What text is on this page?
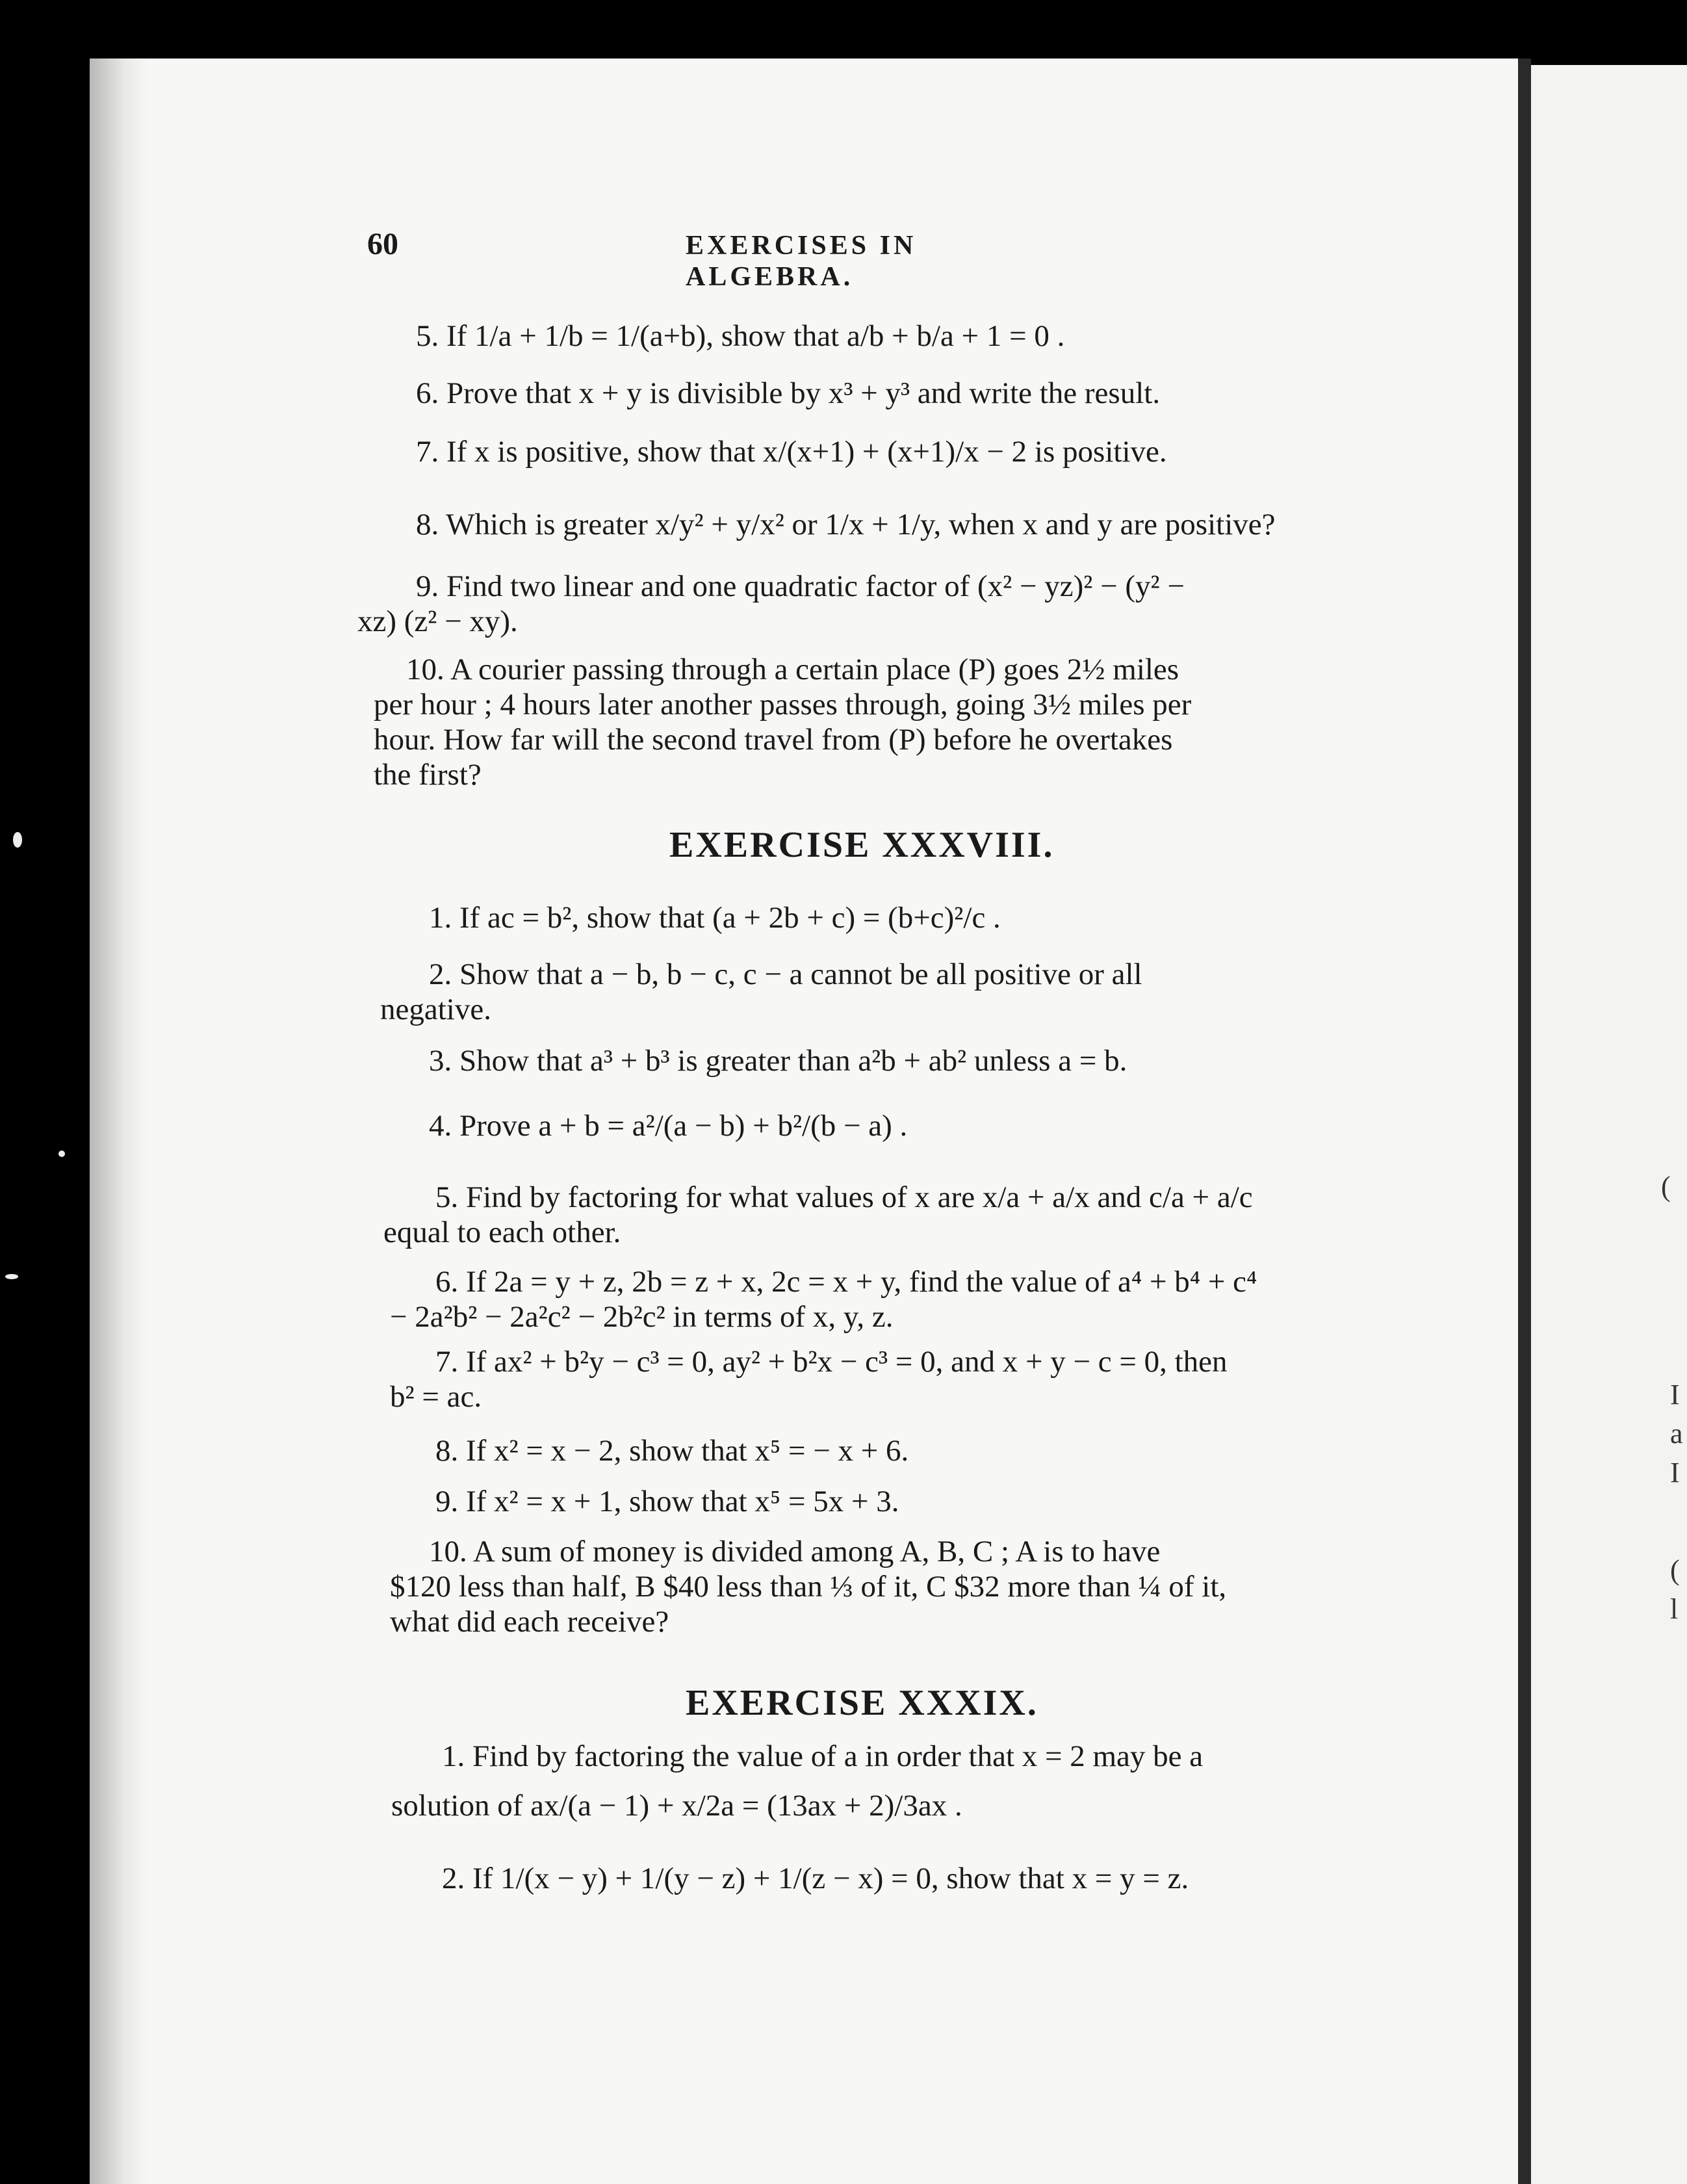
(
I
a
I
(
l
60	EXERCISES IN ALGEBRA.
5. If 1/a + 1/b = 1/(a+b), show that a/b + b/a + 1 = 0 .
6. Prove that x + y is divisible by x³ + y³ and write the result.
7. If x is positive, show that x/(x+1) + (x+1)/x − 2 is positive.
8. Which is greater x/y² + y/x² or 1/x + 1/y, when x and y are positive?
9. Find two linear and one quadratic factor of (x² − yz)² − (y² −
xz) (z² − xy).
10. A courier passing through a certain place (P) goes 2½ miles
per hour ; 4 hours later another passes through, going 3½ miles per
hour. How far will the second travel from (P) before he overtakes
the first?
EXERCISE XXXVIII.
1. If ac = b², show that (a + 2b + c) = (b+c)²/c .
2. Show that a − b, b − c, c − a cannot be all positive or all
negative.
3. Show that a³ + b³ is greater than a²b + ab² unless a = b.
4. Prove a + b = a²/(a − b) + b²/(b − a) .
5. Find by factoring for what values of x are x/a + a/x and c/a + a/c
equal to each other.
6. If 2a = y + z, 2b = z + x, 2c = x + y, find the value of a⁴ + b⁴ + c⁴
− 2a²b² − 2a²c² − 2b²c² in terms of x, y, z.
7. If ax² + b²y − c³ = 0, ay² + b²x − c³ = 0, and x + y − c = 0, then
b² = ac.
8. If x² = x − 2, show that x⁵ = − x + 6.
9. If x² = x + 1, show that x⁵ = 5x + 3.
10. A sum of money is divided among A, B, C ; A is to have
$120 less than half, B $40 less than ⅓ of it, C $32 more than ¼ of it,
what did each receive?
EXERCISE XXXIX.
1. Find by factoring the value of a in order that x = 2 may be a
solution of ax/(a − 1) + x/2a = (13ax + 2)/3ax .
2. If 1/(x − y) + 1/(y − z) + 1/(z − x) = 0, show that x = y = z.
